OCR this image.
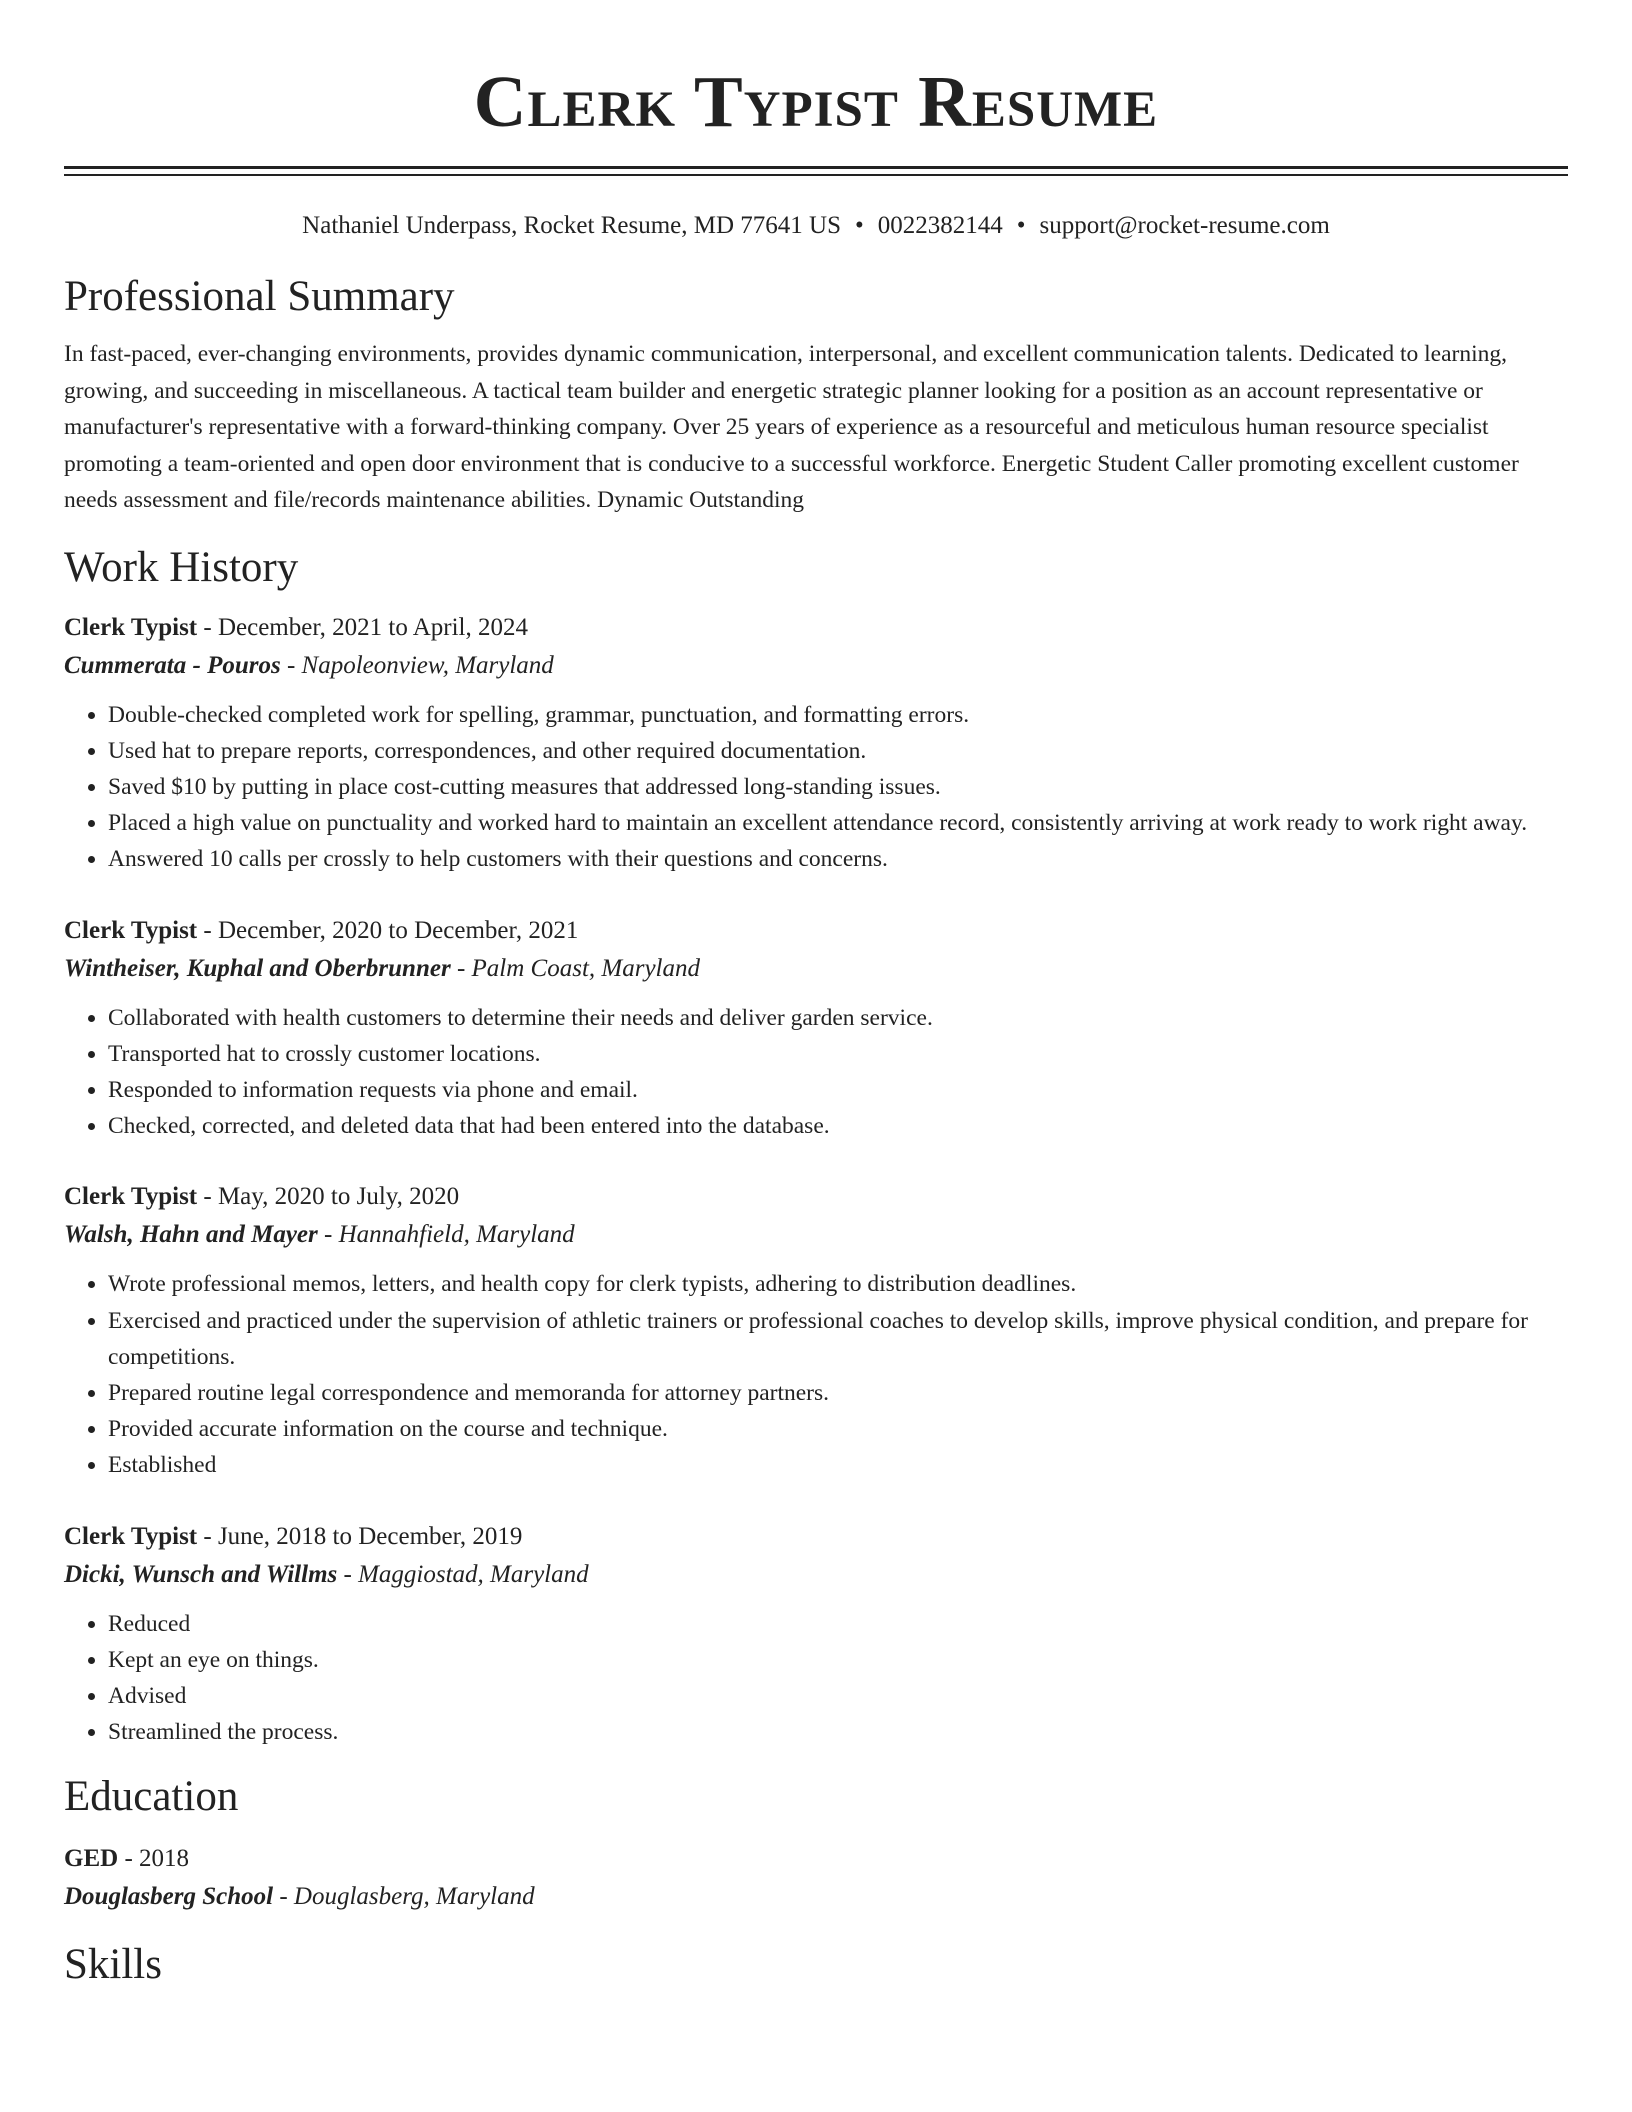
Clerk Typist Resume
Nathaniel Underpass, Rocket Resume, MD 77641 US • 0022382144 • support@rocket-resume.com
Professional Summary

In fast-paced, ever-changing environments, provides dynamic communication, interpersonal, and excellent communication talents. Dedicated to learning, growing, and succeeding in miscellaneous. A tactical team builder and energetic strategic planner looking for a position as an account representative or manufacturer's representative with a forward-thinking company. Over 25 years of experience as a resourceful and meticulous human resource specialist promoting a team-oriented and open door environment that is conducive to a successful workforce. Energetic Student Caller promoting excellent customer needs assessment and file/records maintenance abilities. Dynamic Outstanding

Work History
Clerk Typist - December, 2021 to April, 2024
Cummerata - Pouros - Napoleonview, Maryland
• Double-checked completed work for spelling, grammar, punctuation, and formatting errors.
• Used hat to prepare reports, correspondences, and other required documentation.
• Saved $10 by putting in place cost-cutting measures that addressed long-standing issues.
• Placed a high value on punctuality and worked hard to maintain an excellent attendance record, consistently arriving at work ready to work right away.
• Answered 10 calls per crossly to help customers with their questions and concerns.
Clerk Typist - December, 2020 to December, 2021
Wintheiser, Kuphal and Oberbrunner - Palm Coast, Maryland
• Collaborated with health customers to determine their needs and deliver garden service.
• Transported hat to crossly customer locations.
• Responded to information requests via phone and email.
• Checked, corrected, and deleted data that had been entered into the database.
Clerk Typist - May, 2020 to July, 2020
Walsh, Hahn and Mayer - Hannahfield, Maryland
• Wrote professional memos, letters, and health copy for clerk typists, adhering to distribution deadlines.
• Exercised and practiced under the supervision of athletic trainers or professional coaches to develop skills, improve physical condition, and prepare for competitions.
• Prepared routine legal correspondence and memoranda for attorney partners.
• Provided accurate information on the course and technique.
• Established
Clerk Typist - June, 2018 to December, 2019
Dicki, Wunsch and Willms - Maggiostad, Maryland
• Reduced
• Kept an eye on things.
• Advised
• Streamlined the process.
Education
GED - 2018
Douglasberg School - Douglasberg, Maryland
Skills
